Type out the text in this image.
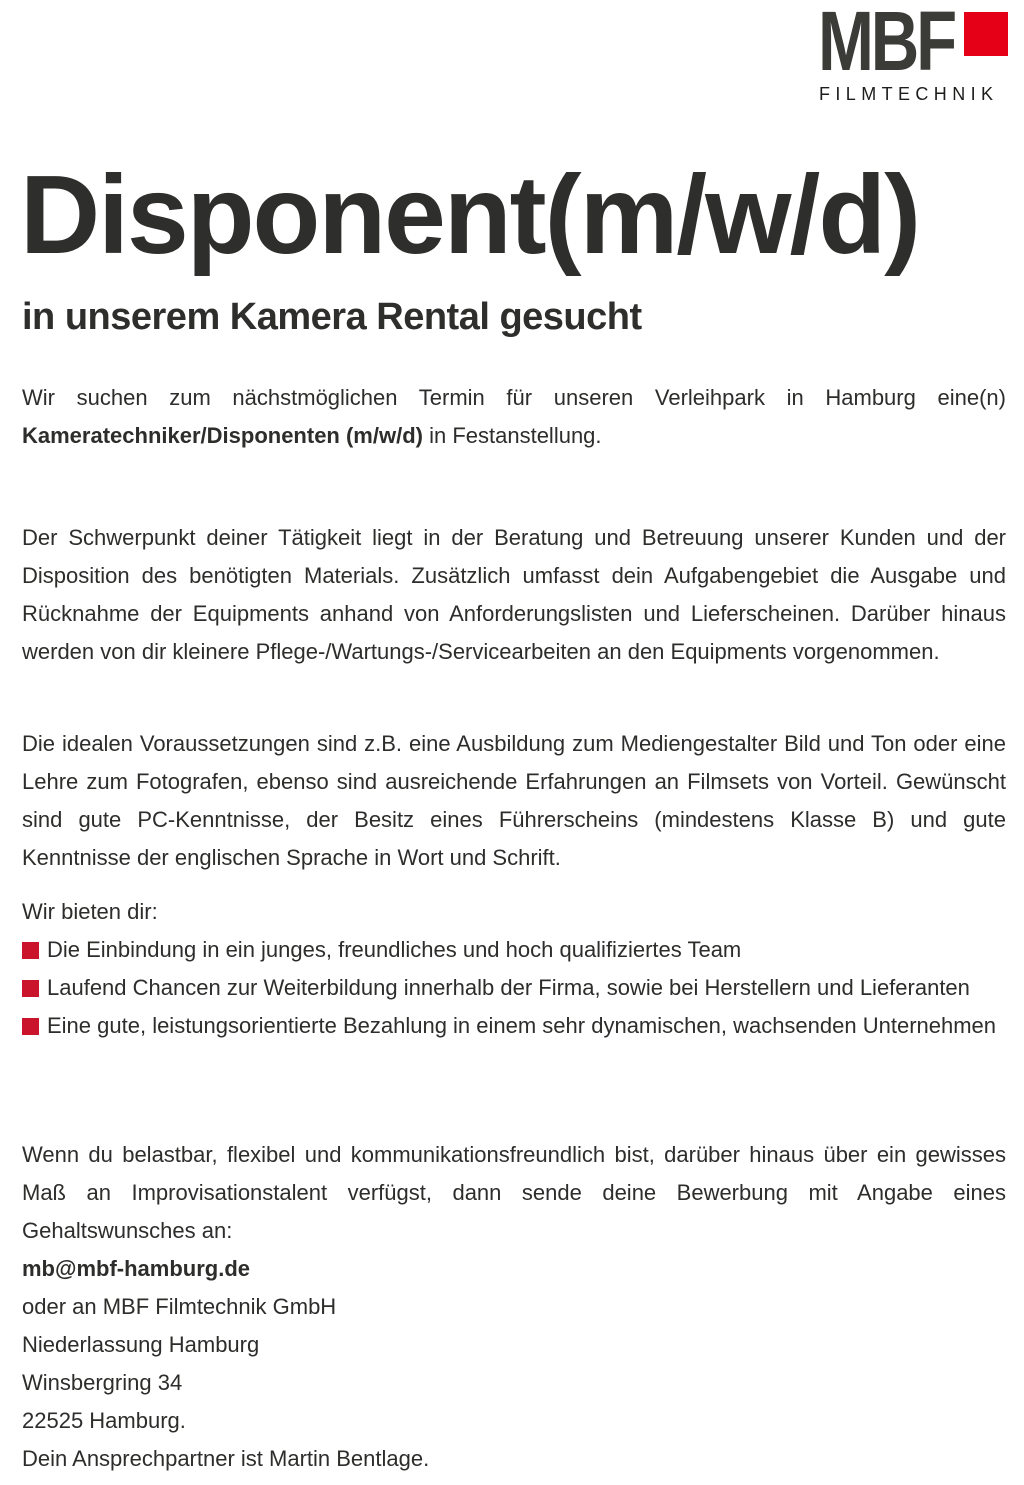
MBF
FILMTECHNIK
Disponent(m/w/d)
in unserem Kamera Rental gesucht

Wir suchen zum nächstmöglichen Termin für unseren Verleihpark in Hamburg eine(n) Kameratechniker/Disponenten (m/w/d) in Festanstellung.

Der Schwerpunkt deiner Tätigkeit liegt in der Beratung und Betreuung unserer Kunden und der Disposition des benötigten Materials. Zusätzlich umfasst dein Aufgabengebiet die Ausgabe und Rücknahme der Equipments anhand von Anforderungslisten und Lieferscheinen. Darüber hinaus werden von dir kleinere Pflege-/Wartungs-/Servicearbeiten an den Equipments vorgenommen.

Die idealen Voraussetzungen sind z.B. eine Ausbildung zum Mediengestalter Bild und Ton oder eine Lehre zum Fotografen, ebenso sind ausreichende Erfahrungen an Filmsets von Vorteil. Gewünscht sind gute PC-Kenntnisse, der Besitz eines Führerscheins (mindestens Klasse B) und gute Kenntnisse der englischen Sprache in Wort und Schrift.

Wir bieten dir:
Die Einbindung in ein junges, freundliches und hoch qualifiziertes Team
Laufend Chancen zur Weiterbildung innerhalb der Firma, sowie bei Herstellern und Lieferanten
Eine gute, leistungsorientierte Bezahlung in einem sehr dynamischen, wachsenden Unternehmen

Wenn du belastbar, flexibel und kommunikationsfreundlich bist, darüber hinaus über ein gewisses Maß an Improvisationstalent verfügst, dann sende deine Bewerbung mit Angabe eines Gehaltswunsches an:

mb@mbf-hamburg.de
oder an MBF Filmtechnik GmbH
Niederlassung Hamburg
Winsbergring 34
22525 Hamburg.
Dein Ansprechpartner ist Martin Bentlage.
